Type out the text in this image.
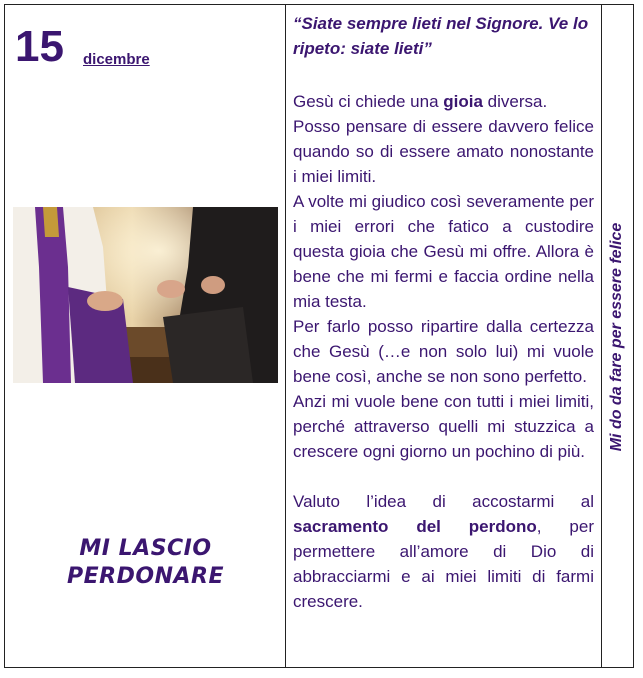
15 dicembre
MI LASCIO
PERDONARE
“Siate sempre lieti nel Signore. Ve lo ripeto: siate lieti”

Gesù ci chiede una gioia diversa.

Posso pensare di essere davvero felice quando so di essere amato nonostante i miei limiti.

A volte mi giudico così severamente per i miei errori che fatico a custodire questa gioia che Gesù mi offre. Allora è bene che mi fermi e faccia ordine nella mia testa.

Per farlo posso ripartire dalla certezza che Gesù (…e non solo lui) mi vuole bene così, anche se non sono perfetto.

Anzi mi vuole bene con tutti i miei limiti, perché attraverso quelli mi stuzzica a crescere ogni giorno un pochino di più.

Valuto l’idea di accostarmi al sacramento del perdono, per permettere all’amore di Dio di abbracciarmi e ai miei limiti di farmi crescere.

Mi do da fare per essere felice
